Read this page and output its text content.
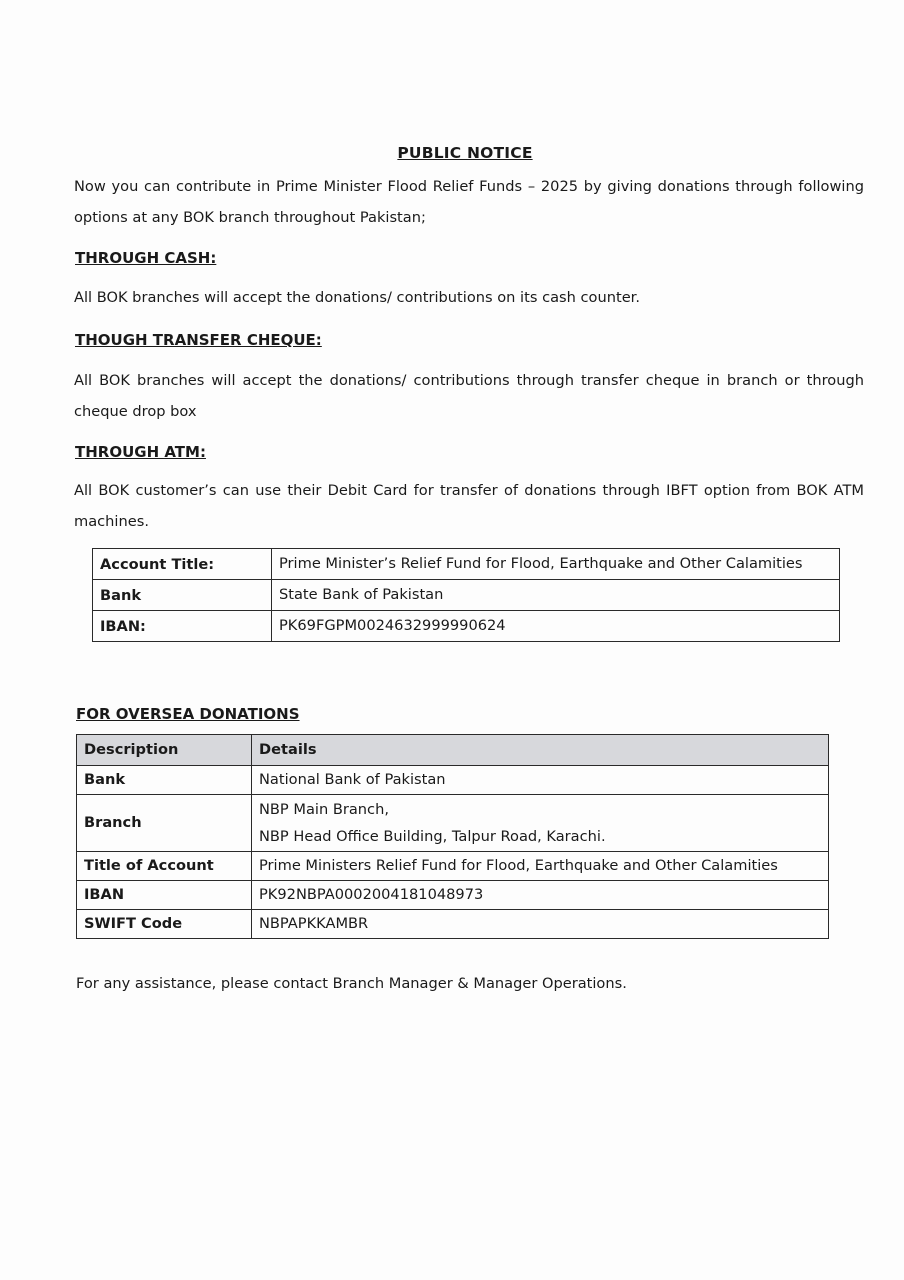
PUBLIC NOTICE
Now you can contribute in Prime Minister Flood Relief Funds – 2025 by giving donations through following options at any BOK branch throughout Pakistan;
THROUGH CASH:
All BOK branches will accept the donations/ contributions on its cash counter.
THOUGH TRANSFER CHEQUE:
All BOK branches will accept the donations/ contributions through transfer cheque in branch or through cheque drop box
THROUGH ATM:
All BOK customer’s can use their Debit Card for transfer of donations through IBFT option from BOK ATM machines.
Account Title:	Prime Minister’s Relief Fund for Flood, Earthquake and Other Calamities
Bank	State Bank of Pakistan
IBAN:	PK69FGPM0024632999990624
FOR OVERSEA DONATIONS
Description	Details
Bank	National Bank of Pakistan
Branch	NBP Main Branch,
NBP Head Office Building, Talpur Road, Karachi.

Title of Account	Prime Ministers Relief Fund for Flood, Earthquake and Other Calamities
IBAN	PK92NBPA0002004181048973
SWIFT Code	NBPAPKKAMBR
For any assistance, please contact Branch Manager & Manager Operations.
